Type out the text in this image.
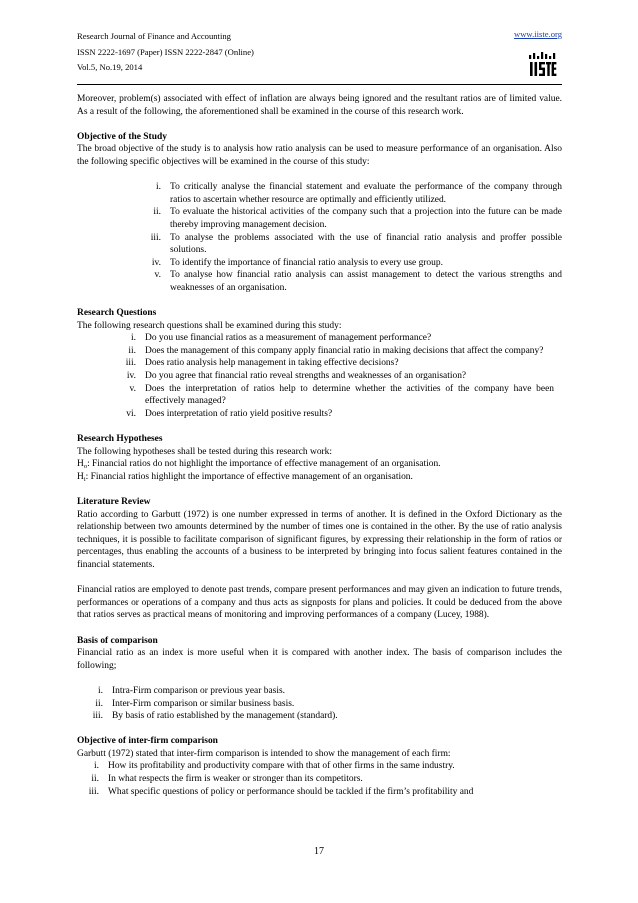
Research Journal of Finance and Accounting
ISSN 2222-1697 (Paper) ISSN 2222-2847 (Online)
Vol.5, No.19, 2014
www.iiste.org

Moreover, problem(s) associated with effect of inflation are always being ignored and the resultant ratios are of limited value. As a result of the following, the aforementioned shall be examined in the course of this research work.

Objective of the Study

The broad objective of the study is to analysis how ratio analysis can be used to measure performance of an organisation. Also the following specific objectives will be examined in the course of this study:

i. To critically analyse the financial statement and evaluate the performance of the company through ratios to ascertain whether resource are optimally and efficiently utilized.
ii. To evaluate the historical activities of the company such that a projection into the future can be made thereby improving management decision.
iii. To analyse the problems associated with the use of financial ratio analysis and proffer possible solutions.
iv. To identify the importance of financial ratio analysis to every use group.
v. To analyse how financial ratio analysis can assist management to detect the various strengths and weaknesses of an organisation.

Research Questions

The following research questions shall be examined during this study:

i. Do you use financial ratios as a measurement of management performance?
ii. Does the management of this company apply financial ratio in making decisions that affect the company?
iii. Does ratio analysis help management in taking effective decisions?
iv. Do you agree that financial ratio reveal strengths and weaknesses of an organisation?
v. Does the interpretation of ratios help to determine whether the activities of the company have been effectively managed?
vi. Does interpretation of ratio yield positive results?

Research Hypotheses

The following hypotheses shall be tested during this research work:

$H_o$: Financial ratios do not highlight the importance of effective management of an organisation.

$H_i$: Financial ratios highlight the importance of effective management of an organisation.

Literature Review

Ratio according to Garbutt (1972) is one number expressed in terms of another. It is defined in the Oxford Dictionary as the relationship between two amounts determined by the number of times one is contained in the other. By the use of ratio analysis techniques, it is possible to facilitate comparison of significant figures, by expressing their relationship in the form of ratios or percentages, thus enabling the accounts of a business to be interpreted by bringing into focus salient features contained in the financial statements.

Financial ratios are employed to denote past trends, compare present performances and may given an indication to future trends, performances or operations of a company and thus acts as signposts for plans and policies. It could be deduced from the above that ratios serves as practical means of monitoring and improving performances of a company (Lucey, 1988).

Basis of comparison

Financial ratio as an index is more useful when it is compared with another index. The basis of comparison includes the following;

i. Intra-Firm comparison or previous year basis.
ii. Inter-Firm comparison or similar business basis.
iii. By basis of ratio established by the management (standard).

Objective of inter-firm comparison

Garbutt (1972) stated that inter-firm comparison is intended to show the management of each firm:

i. How its profitability and productivity compare with that of other firms in the same industry.
ii. In what respects the firm is weaker or stronger than its competitors.
iii. What specific questions of policy or performance should be tackled if the firm’s profitability and
17
